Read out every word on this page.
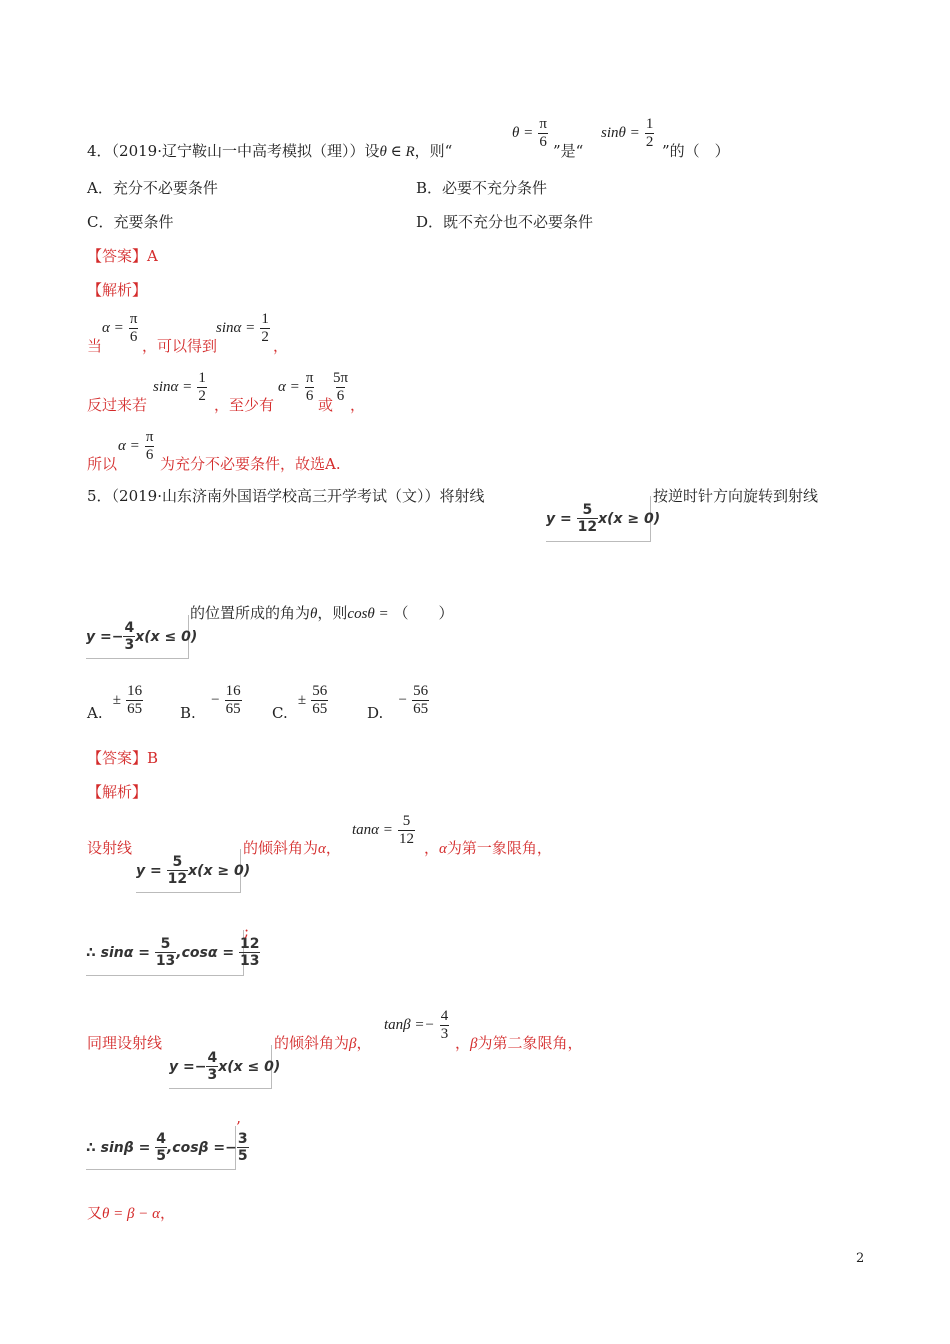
4．（2019·辽宁鞍山一中高考模拟（理））设θ ∈ R，则“
θ =
$\frac{\pi}{6}$ ”是“
sinθ =
$\frac{1}{2}$ ”的（　）
A．充分不必要条件	B．必要不充分条件
C．充要条件	D．既不充分也不必要条件
【答案】A
【解析】
当
α =
$\frac{\pi}{6}$ ，可以得到
sinα =
$\frac{1}{2}$ ，
反过来若
sinα =
$\frac{1}{2}$ ，至少有
α =
$\frac{\pi}{6}$ 或
$\frac{5\pi}{6}$ ，
所以
α =
$\frac{\pi}{6}$ 为充分不必要条件，故选A.
5．（2019·山东济南外国语学校高三开学考试（文））将射线
y =
$\frac{5}{12} x(x \ge 0)$
按逆时针方向旋转到射线
$y =- \frac{4}{3} x(x \le 0)$
的位置所成的角为θ，则cosθ = （　　）
A.

±
$\frac{16}{65} B$.

−
$\frac{16}{65} C$.

±
$\frac{56}{65}$	D.

−
$\frac{56}{65}$
【答案】B
【解析】
设射线
y =
$\frac{5}{12} x(x \ge 0)$
的倾斜角为α，
tanα =
$\frac{5}{12}$ ，α为第一象限角，
∴ sinα =
$\frac{5}{13} ,\cos\alpha$ =
$\frac{12}{13}$
;
同理设射线
$y =- \frac{4}{3} x(x \le 0)$
的倾斜角为β，
tanβ =−
$\frac{4}{3}$ ，β为第二象限角，
∴ sinβ =
$\frac{4}{5} ,\cos\beta =- \frac{3}{5}$
’
又θ = β − α，
2
